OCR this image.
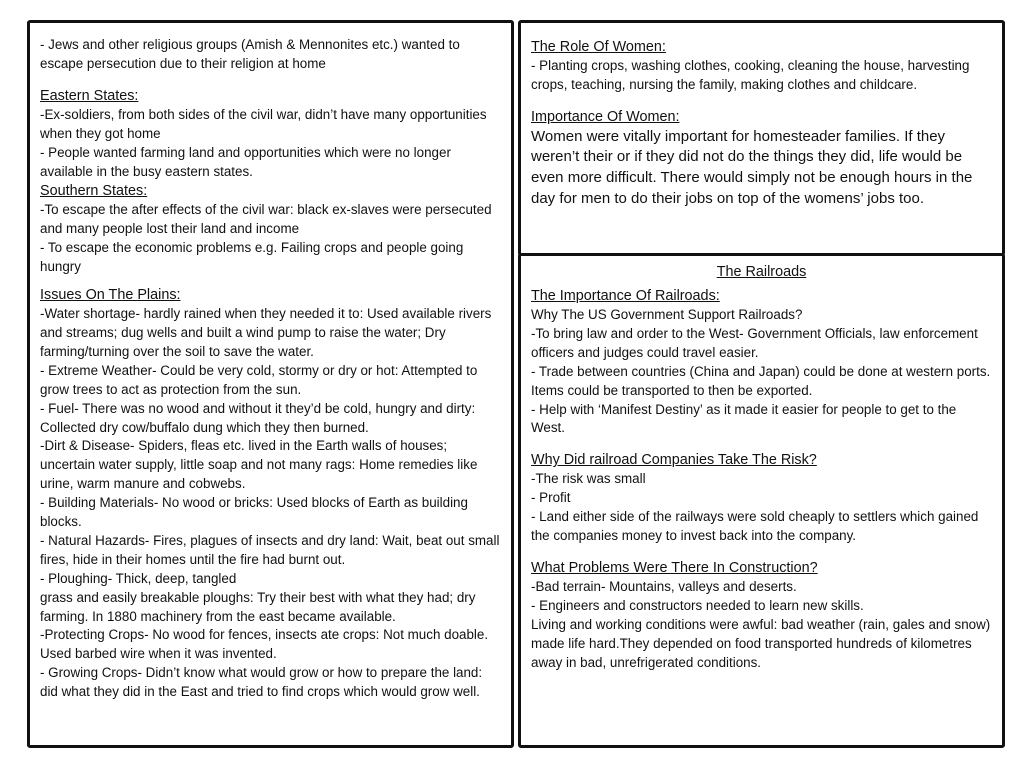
- Jews and other religious groups (Amish & Mennonites etc.) wanted to escape persecution due to their religion at home

Eastern States:

-Ex-soldiers, from both sides of the civil war, didn’t have many opportunities when they got home

- People wanted farming land and opportunities which were no longer available in the busy eastern states.

Southern States:

-To escape the after effects of the civil war: black ex-slaves were persecuted and many people lost their land and income

- To escape the economic problems e.g. Failing crops and people going hungry

Issues On The Plains:

-Water shortage- hardly rained when they needed it to: Used available rivers and streams; dug wells and built a wind pump to raise the water; Dry farming/turning over the soil to save the water.

- Extreme Weather- Could be very cold, stormy or dry or hot: Attempted to grow trees to act as protection from the sun.

- Fuel- There was no wood and without it they’d be cold, hungry and dirty: Collected dry cow/buffalo dung which they then burned.

-Dirt & Disease- Spiders, fleas etc. lived in the Earth walls of houses; uncertain water supply, little soap and not many rags: Home remedies like urine, warm manure and cobwebs.

- Building Materials- No wood or bricks: Used blocks of Earth as building blocks.

- Natural Hazards- Fires, plagues of insects and dry land: Wait, beat out small fires, hide in their homes until the fire had burnt out.

- Ploughing- Thick, deep, tangled

grass and easily breakable ploughs: Try their best with what they had; dry farming. In 1880 machinery from the east became available.

-Protecting Crops- No wood for fences, insects ate crops: Not much doable. Used barbed wire when it was invented.

- Growing Crops- Didn’t know what would grow or how to prepare the land: did what they did in the East and tried to find crops which would grow well.

The Role Of Women:

- Planting crops, washing clothes, cooking, cleaning the house, harvesting crops, teaching, nursing the family, making clothes and childcare.

Importance Of Women:

Women were vitally important for homesteader families. If they weren’t their or if they did not do the things they did, life would be even more difficult. There would simply not be enough hours in the day for men to do their jobs on top of the womens’ jobs too.

The Railroads

The Importance Of Railroads:

Why The US Government Support Railroads?

-To bring law and order to the West- Government Officials, law enforcement officers and judges could travel easier.

- Trade between countries (China and Japan) could be done at western ports. Items could be transported to then be exported.

- Help with ‘Manifest Destiny’ as it made it easier for people to get to the West.

Why Did railroad Companies Take The Risk?

-The risk was small

- Profit

- Land either side of the railways were sold cheaply to settlers which gained the companies money to invest back into the company.

What Problems Were There In Construction?

-Bad terrain- Mountains, valleys and deserts.

- Engineers and constructors needed to learn new skills.

Living and working conditions were awful: bad weather (rain, gales and snow) made life hard.They depended on food transported hundreds of kilometres away in bad, unrefrigerated conditions.
